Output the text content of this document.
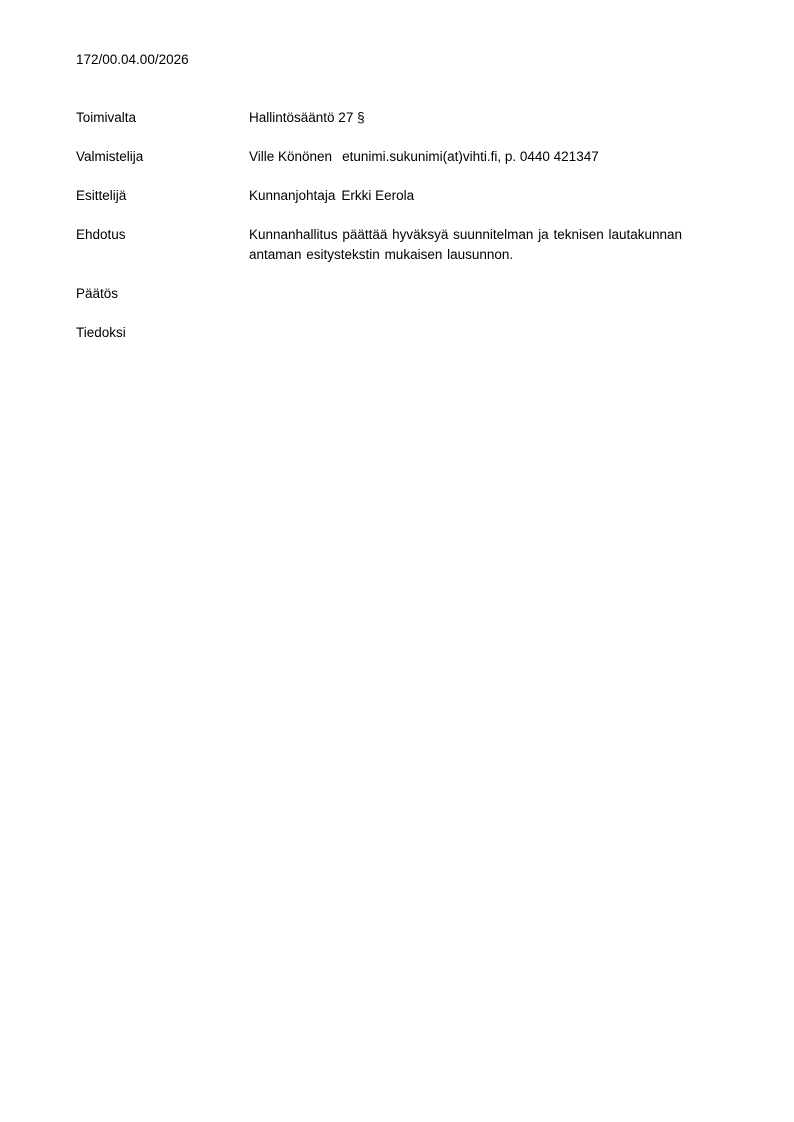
172/00.04.00/2026
Toimivalta	Hallintösääntö 27 §
Valmistelija	Ville Könönen etunimi.sukunimi(at)vihti.fi, p. 0440 421347
Esittelijä	Kunnanjohtaja Erkki Eerola
Ehdotus	Kunnanhallitus päättää hyväksyä suunnitelman ja teknisen lautakunnan
antaman esitystekstin mukaisen lausunnon.
Päätös
Tiedoksi
